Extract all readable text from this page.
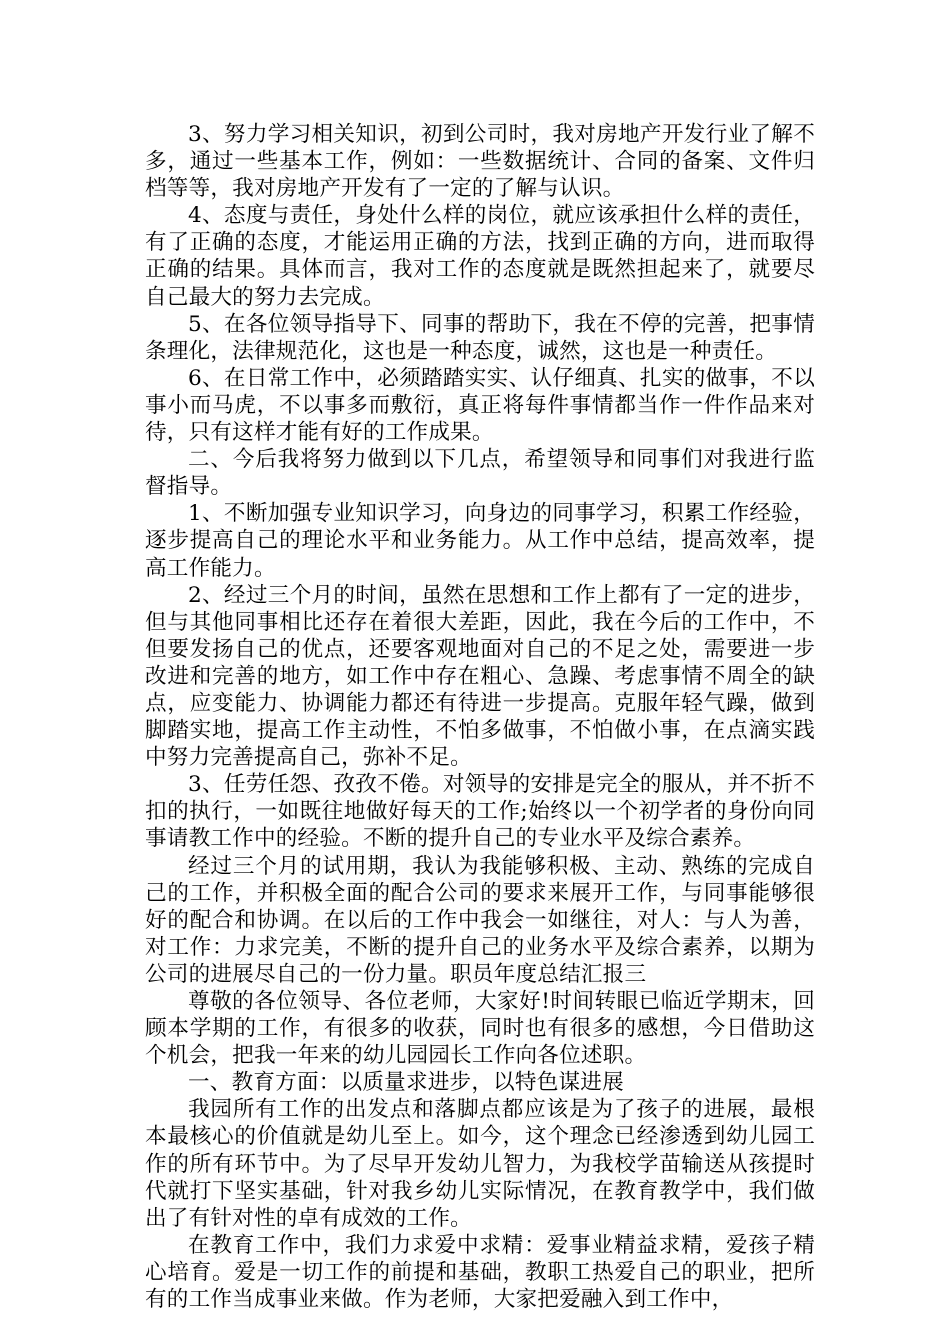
3、努力学习相关知识，初到公司时，我对房地产开发行业了解不多，通过一些基本工作，例如：一些数据统计、合同的备案、文件归档等等，我对房地产开发有了一定的了解与认识。

4、态度与责任，身处什么样的岗位，就应该承担什么样的责任，有了正确的态度，才能运用正确的方法，找到正确的方向，进而取得正确的结果。具体而言，我对工作的态度就是既然担起来了，就要尽自己最大的努力去完成。

5、在各位领导指导下、同事的帮助下，我在不停的完善，把事情条理化，法律规范化，这也是一种态度，诚然，这也是一种责任。

6、在日常工作中，必须踏踏实实、认仔细真、扎实的做事，不以事小而马虎，不以事多而敷衍，真正将每件事情都当作一件作品来对待，只有这样才能有好的工作成果。

二、今后我将努力做到以下几点，希望领导和同事们对我进行监督指导。

1、不断加强专业知识学习，向身边的同事学习，积累工作经验，逐步提高自己的理论水平和业务能力。从工作中总结，提高效率，提高工作能力。

2、经过三个月的时间，虽然在思想和工作上都有了一定的进步，但与其他同事相比还存在着很大差距，因此，我在今后的工作中，不但要发扬自己的优点，还要客观地面对自己的不足之处，需要进一步改进和完善的地方，如工作中存在粗心、急躁、考虑事情不周全的缺点，应变能力、协调能力都还有待进一步提高。克服年轻气躁，做到脚踏实地，提高工作主动性，不怕多做事，不怕做小事，在点滴实践中努力完善提高自己，弥补不足。

3、任劳任怨、孜孜不倦。对领导的安排是完全的服从，并不折不扣的执行，一如既往地做好每天的工作;始终以一个初学者的身份向同事请教工作中的经验。不断的提升自己的专业水平及综合素养。

经过三个月的试用期，我认为我能够积极、主动、熟练的完成自己的工作，并积极全面的配合公司的要求来展开工作，与同事能够很好的配合和协调。在以后的工作中我会一如继往，对人：与人为善，对工作：力求完美，不断的提升自己的业务水平及综合素养，以期为公司的进展尽自己的一份力量。职员年度总结汇报三

尊敬的各位领导、各位老师，大家好!时间转眼已临近学期末，回顾本学期的工作，有很多的收获，同时也有很多的感想，今日借助这个机会，把我一年来的幼儿园园长工作向各位述职。

一、教育方面：以质量求进步，以特色谋进展

我园所有工作的出发点和落脚点都应该是为了孩子的进展，最根本最核心的价值就是幼儿至上。如今，这个理念已经渗透到幼儿园工作的所有环节中。为了尽早开发幼儿智力，为我校学苗输送从孩提时代就打下坚实基础，针对我乡幼儿实际情况，在教育教学中，我们做出了有针对性的卓有成效的工作。

在教育工作中，我们力求爱中求精：爱事业精益求精，爱孩子精心培育。爱是一切工作的前提和基础，教职工热爱自己的职业，把所有的工作当成事业来做。作为老师，大家把爱融入到工作中，
